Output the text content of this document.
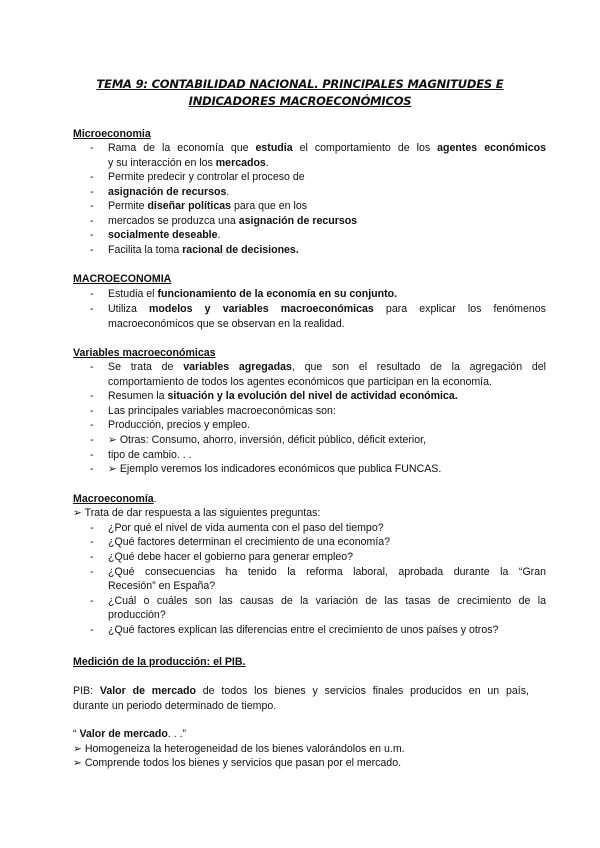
TEMA 9: CONTABILIDAD NACIONAL. PRINCIPALES MAGNITUDES E
INDICADORES MACROECONÓMICOS
Microeconomia
- Rama de la economía que estudia el comportamiento de los agentes económicos
y su interacción en los mercados.
- Permite predecir y controlar el proceso de
- asignación de recursos.
- Permite diseñar políticas para que en los
- mercados se produzca una asignación de recursos
- socialmente deseable.
- Facilita la toma racional de decisiones.
MACROECONOMIA
- Estudia el funcionamiento de la economía en su conjunto.
- Utiliza modelos y variables macroeconómicas para explicar los fenómenos
macroeconómicos que se observan en la realidad.
Variables macroeconómicas
- Se trata de variables agregadas, que son el resultado de la agregación del
comportamiento de todos los agentes económicos que participan en la economía.
- Resumen la situación y la evolución del nivel de actividad económica.
- Las principales variables macroeconómicas son:
- Producción, precios y empleo.
- ➢ Otras: Consumo, ahorro, inversión, déficit público, déficit exterior,
- tipo de cambio. . .
- ➢ Ejemplo veremos los indicadores económicos que publica FUNCAS.
Macroeconomía.
➢ Trata de dar respuesta a las siguientes preguntas:
- ¿Por qué el nivel de vida aumenta con el paso del tiempo?
- ¿Qué factores determinan el crecimiento de una economía?
- ¿Qué debe hacer el gobierno para generar empleo?
- ¿Qué consecuencias ha tenido la reforma laboral, aprobada durante la “Gran
Recesión” en España?
- ¿Cuál o cuáles son las causas de la variación de las tasas de crecimiento de la
producción?
- ¿Qué factores explican las diferencias entre el crecimiento de unos países y otros?
Medición de la producción: el PIB.
PIB: Valor de mercado de todos los bienes y servicios finales producidos en un país,
durante un periodo determinado de tiempo.
“ Valor de mercado. . .”
➢ Homogeneiza la heterogeneidad de los bienes valorándolos en u.m.
➢ Comprende todos los bienes y servicios que pasan por el mercado.
